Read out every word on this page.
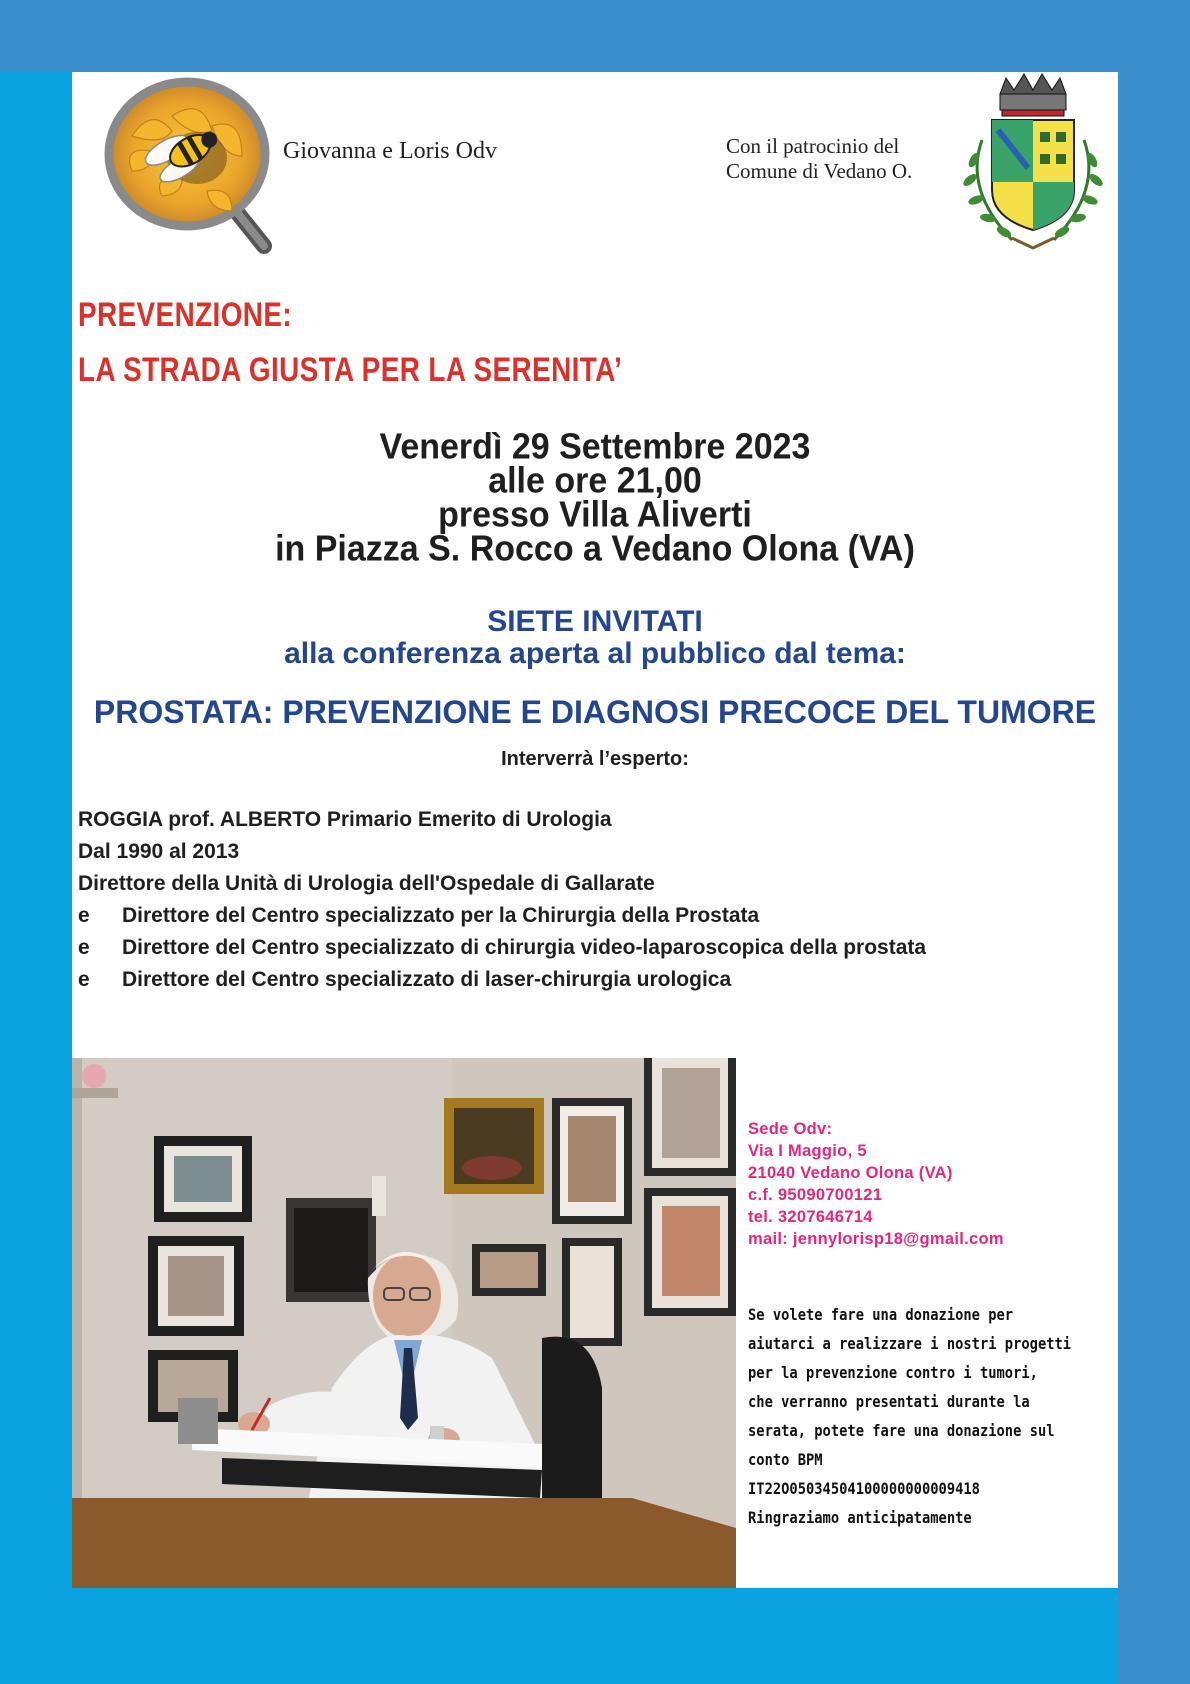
Giovanna e Loris Odv	Con il patrocinio del
Comune di Vedano O.
PREVENZIONE:
LA STRADA GIUSTA PER LA SERENITA’
Venerdì 29 Settembre 2023
alle ore 21,00
presso Villa Aliverti
in Piazza S. Rocco a Vedano Olona (VA)
SIETE INVITATI
alla conferenza aperta al pubblico dal tema:
PROSTATA: PREVENZIONE E DIAGNOSI PRECOCE DEL TUMORE
Interverrà l’esperto:
ROGGIA prof. ALBERTO Primario Emerito di Urologia
Dal 1990 al 2013
Direttore della Unità di Urologia dell'Ospedale di Gallarate
e Direttore del Centro specializzato per la Chirurgia della Prostata
e Direttore del Centro specializzato di chirurgia video-laparoscopica della prostata
e Direttore del Centro specializzato di laser-chirurgia urologica
Sede Odv:
Via I Maggio, 5
21040 Vedano Olona (VA)
c.f. 95090700121
tel. 3207646714
mail: jennylorisp18@gmail.com
Se volete fare una donazione per
aiutarci a realizzare i nostri progetti
per la prevenzione contro i tumori,
che verranno presentati durante la
serata, potete fare una donazione sul
conto BPM
IT22O05034504100000000009418
Ringraziamo anticipatamente
